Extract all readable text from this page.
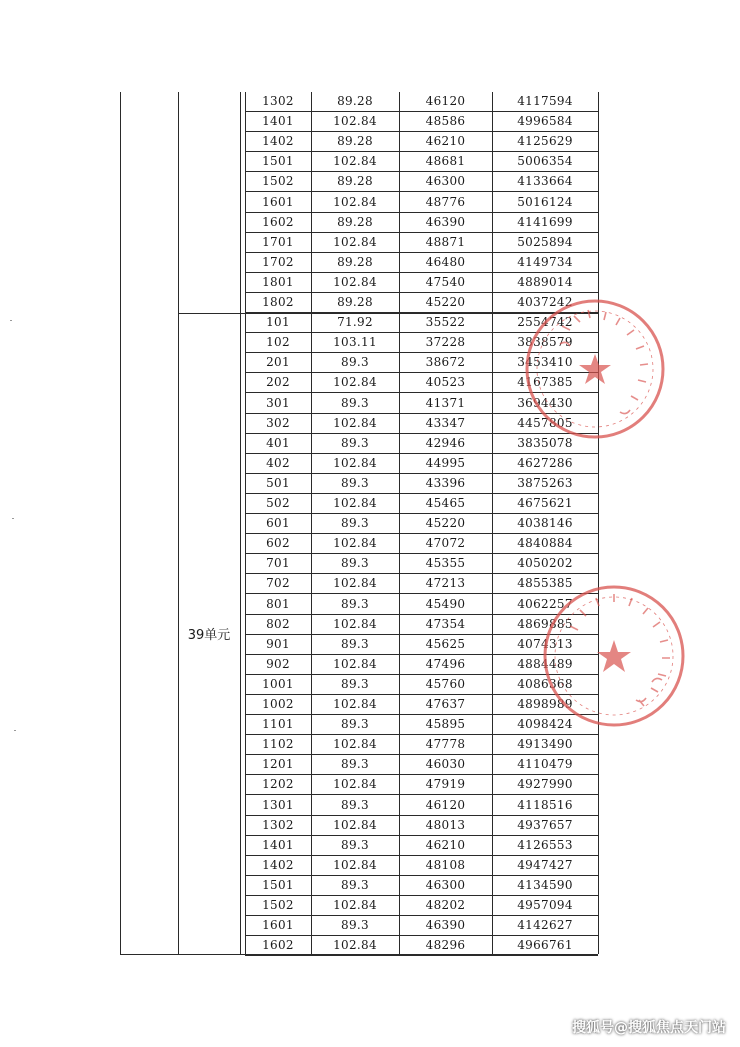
39单元
1302	89.28	46120	4117594
1401	102.84	48586	4996584
1402	89.28	46210	4125629
1501	102.84	48681	5006354
1502	89.28	46300	4133664
1601	102.84	48776	5016124
1602	89.28	46390	4141699
1701	102.84	48871	5025894
1702	89.28	46480	4149734
1801	102.84	47540	4889014
1802	89.28	45220	4037242
101	71.92	35522	2554742
102	103.11	37228	3838579
201	89.3	38672	3453410
202	102.84	40523	4167385
301	89.3	41371	3694430
302	102.84	43347	4457805
401	89.3	42946	3835078
402	102.84	44995	4627286
501	89.3	43396	3875263
502	102.84	45465	4675621
601	89.3	45220	4038146
602	102.84	47072	4840884
701	89.3	45355	4050202
702	102.84	47213	4855385
801	89.3	45490	4062257
802	102.84	47354	4869885
901	89.3	45625	4074313
902	102.84	47496	4884489
1001	89.3	45760	4086368
1002	102.84	47637	4898989
1101	89.3	45895	4098424
1102	102.84	47778	4913490
1201	89.3	46030	4110479
1202	102.84	47919	4927990
1301	89.3	46120	4118516
1302	102.84	48013	4937657
1401	89.3	46210	4126553
1402	102.84	48108	4947427
1501	89.3	46300	4134590
1502	102.84	48202	4957094
1601	89.3	46390	4142627
1602	102.84	48296	4966761
搜狐号@搜狐焦点天门站
